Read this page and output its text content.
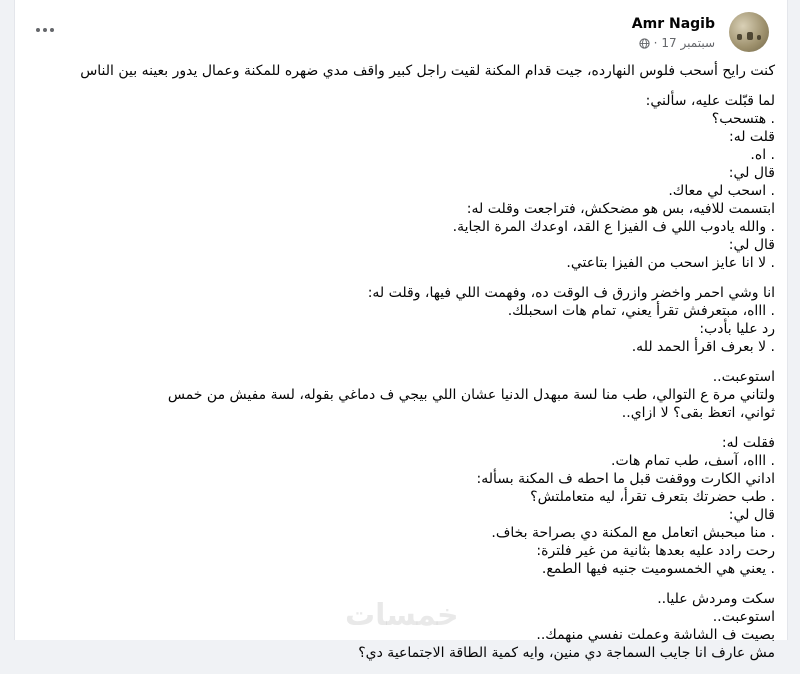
Amr Nagib
17 سبتمبر
·
كنت رايح أسحب فلوس النهارده، جيت قدام المكنة لقيت راجل كبير واقف مدي ضهره للمكنة وعمال يدور بعينه بين الناس
لما قبّلت عليه، سألني:
. هتسحب؟
قلت له:
. اه.
قال لي:
. اسحب لي معاك.
ابتسمت للافيه، بس هو مضحكش، فتراجعت وقلت له:
. والله يادوب اللي ف الفيزا ع القد، اوعدك المرة الجاية.
قال لي:
. لا انا عايز اسحب من الفيزا بتاعتي.
انا وشي احمر واخضر وازرق ف الوقت ده، وفهمت اللي فيها، وقلت له:
. اااه، مبتعرفش تقرأ يعني، تمام هات اسحبلك.
رد عليا بأدب:
. لا بعرف اقرأ الحمد لله.
استوعبت..
ولتاني مرة ع التوالي، طب منا لسة مبهدل الدنيا عشان اللي بيجي ف دماغي بقوله، لسة مفيش من خمس
ثواني، اتعظ بقى؟ لا ازاي..
فقلت له:
. اااه، آسف، طب تمام هات.
اداني الكارت ووقفت قبل ما احطه ف المكنة بسأله:
. طب حضرتك بتعرف تقرأ، ليه متعاملتش؟
قال لي:
. منا مبحبش اتعامل مع المكنة دي بصراحة بخاف.
رحت رادد عليه بعدها بثانية من غير فلترة:
. يعني هي الخمسوميت جنيه فيها الطمع.
سكت ومردش عليا..
استوعبت..
بصيت ف الشاشة وعملت نفسي منهمك..
مش عارف انا جايب السماجة دي منين، وايه كمية الطاقة الاجتماعية دي؟
خمسات
